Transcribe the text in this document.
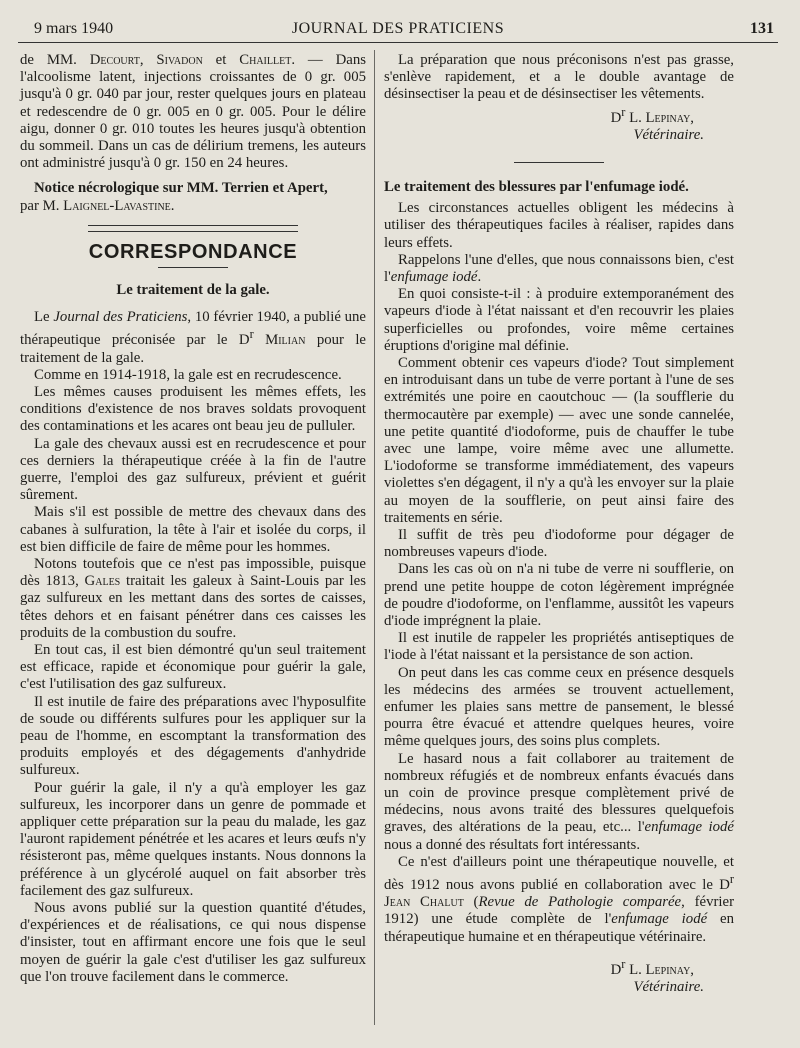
9 mars 1940	JOURNAL DES PRATICIENS	131

de MM. Decourt, Sivadon et Chaillet. — Dans l'alcoolisme latent, injections croissantes de 0 gr. 005 jusqu'à 0 gr. 040 par jour, rester quelques jours en plateau et redescendre de 0 gr. 005 en 0 gr. 005. Pour le délire aigu, donner 0 gr. 010 toutes les heures jusqu'à obtention du sommeil. Dans un cas de délirium tremens, les auteurs ont administré jusqu'à 0 gr. 150 en 24 heures.

Notice nécrologique sur MM. Terrien et Apert,

par M. Laignel-Lavastine.

CORRESPONDANCE

Le traitement de la gale.

Le Journal des Praticiens, 10 février 1940, a publié une thérapeutique préconisée par le $D^r$ Milian pour le traitement de la gale.

Comme en 1914-1918, la gale est en recrudescence.

Les mêmes causes produisent les mêmes effets, les conditions d'existence de nos braves soldats provoquent des contaminations et les acares ont beau jeu de pulluler.

La gale des chevaux aussi est en recrudescence et pour ces derniers la thérapeutique créée à la fin de l'autre guerre, l'emploi des gaz sulfureux, prévient et guérit sûrement.

Mais s'il est possible de mettre des chevaux dans des cabanes à sulfuration, la tête à l'air et isolée du corps, il est bien difficile de faire de même pour les hommes.

Notons toutefois que ce n'est pas impossible, puisque dès 1813, Gales traitait les galeux à Saint-Louis par les gaz sulfureux en les mettant dans des sortes de caisses, têtes dehors et en faisant pénétrer dans ces caisses les produits de la combustion du soufre.

En tout cas, il est bien démontré qu'un seul traitement est efficace, rapide et économique pour guérir la gale, c'est l'utilisation des gaz sulfureux.

Il est inutile de faire des préparations avec l'hyposulfite de soude ou différents sulfures pour les appliquer sur la peau de l'homme, en escomptant la transformation des produits employés et des dégagements d'anhydride sulfureux.

Pour guérir la gale, il n'y a qu'à employer les gaz sulfureux, les incorporer dans un genre de pommade et appliquer cette préparation sur la peau du malade, les gaz l'auront rapidement pénétrée et les acares et leurs œufs n'y résisteront pas, même quelques instants. Nous donnons la préférence à un glycérolé auquel on fait absorber très facilement des gaz sulfureux.

Nous avons publié sur la question quantité d'études, d'expériences et de réalisations, ce qui nous dispense d'insister, tout en affirmant encore une fois que le seul moyen de guérir la gale c'est d'utiliser les gaz sulfureux que l'on trouve facilement dans le commerce.

La préparation que nous préconisons n'est pas grasse, s'enlève rapidement, et a le double avantage de désinsectiser la peau et de désinsectiser les vêtements.

$D^r$ L. Lepinay,
Vétérinaire.

Le traitement des blessures par l'enfumage iodé.

Les circonstances actuelles obligent les médecins à utiliser des thérapeutiques faciles à réaliser, rapides dans leurs effets.

Rappelons l'une d'elles, que nous connaissons bien, c'est l'enfumage iodé.

En quoi consiste-t-il : à produire extemporanément des vapeurs d'iode à l'état naissant et d'en recouvrir les plaies superficielles ou profondes, voire même certaines éruptions d'origine mal définie.

Comment obtenir ces vapeurs d'iode? Tout simplement en introduisant dans un tube de verre portant à l'une de ses extrémités une poire en caoutchouc — (la soufflerie du thermocautère par exemple) — avec une sonde cannelée, une petite quantité d'iodoforme, puis de chauffer le tube avec une lampe, voire même avec une allumette. L'iodoforme se transforme immédiatement, des vapeurs violettes s'en dégagent, il n'y a qu'à les envoyer sur la plaie au moyen de la soufflerie, on peut ainsi faire des traitements en série.

Il suffit de très peu d'iodoforme pour dégager de nombreuses vapeurs d'iode.

Dans les cas où on n'a ni tube de verre ni soufflerie, on prend une petite houppe de coton légèrement imprégnée de poudre d'iodoforme, on l'enflamme, aussitôt les vapeurs d'iode imprégnent la plaie.

Il est inutile de rappeler les propriétés antiseptiques de l'iode à l'état naissant et la persistance de son action.

On peut dans les cas comme ceux en présence desquels les médecins des armées se trouvent actuellement, enfumer les plaies sans mettre de pansement, le blessé pourra être évacué et attendre quelques heures, voire même quelques jours, des soins plus complets.

Le hasard nous a fait collaborer au traitement de nombreux réfugiés et de nombreux enfants évacués dans un coin de province presque complètement privé de médecins, nous avons traité des blessures quelquefois graves, des altérations de la peau, etc... l'enfumage iodé nous a donné des résultats fort intéressants.

Ce n'est d'ailleurs point une thérapeutique nouvelle, et dès 1912 nous avons publié en collaboration avec le $D^r$ Jean Chalut (Revue de Pathologie comparée, février 1912) une étude complète de l'enfumage iodé en thérapeutique humaine et en thérapeutique vétérinaire.

$D^r$ L. Lepinay,
Vétérinaire.
